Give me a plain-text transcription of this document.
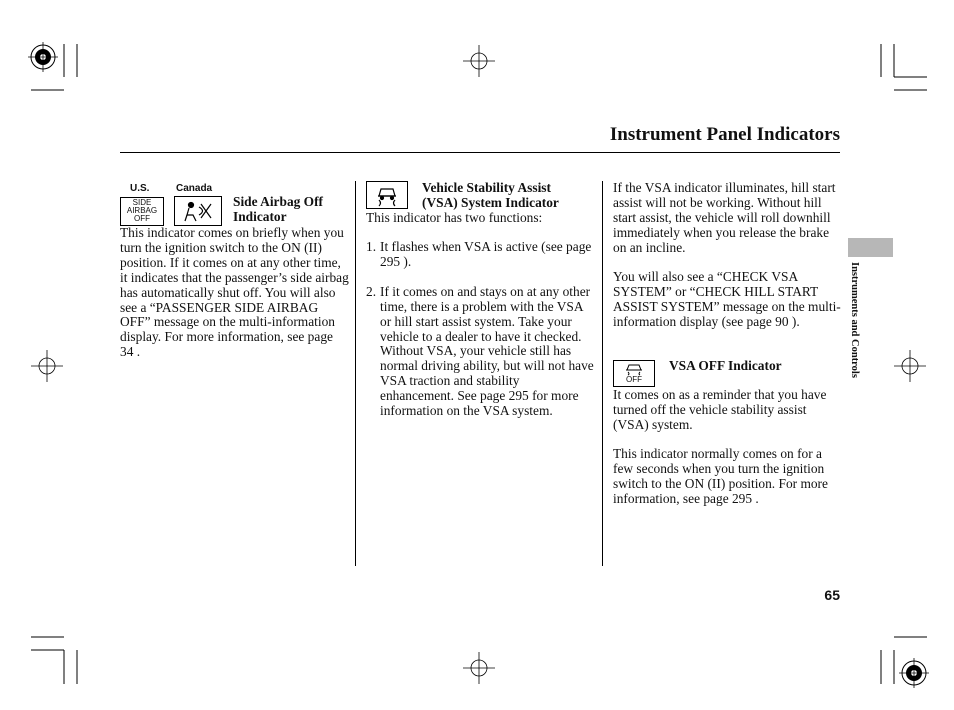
Instrument Panel Indicators
U.S.	Canada
SIDE
AIRBAG
OFF
Side Airbag Off
Indicator
This indicator comes on briefly when you turn the ignition switch to the ON (II) position. If it comes on at any other time, it indicates that the passenger’s side airbag has automatically shut off. You will also see a “PASSENGER SIDE AIRBAG OFF” message on the multi-information display. For more information, see page 34 .
Vehicle Stability Assist
(VSA) System Indicator
This indicator has two functions:
1. It flashes when VSA is active (see page 295 ).
2. If it comes on and stays on at any other time, there is a problem with the VSA or hill start assist system. Take your vehicle to a dealer to have it checked. Without VSA, your vehicle still has normal driving ability, but will not have VSA traction and stability enhancement. See page 295 for more information on the VSA system.
If the VSA indicator illuminates, hill start assist will not be working. Without hill start assist, the vehicle will roll downhill immediately when you release the brake on an incline.
You will also see a “CHECK VSA SYSTEM” or “CHECK HILL START ASSIST SYSTEM” message on the multi-information display (see page 90 ).
OFF
VSA OFF Indicator
It comes on as a reminder that you have turned off the vehicle stability assist (VSA) system.
This indicator normally comes on for a few seconds when you turn the ignition switch to the ON (II) position. For more information, see page 295 .
Instruments and Controls
65
